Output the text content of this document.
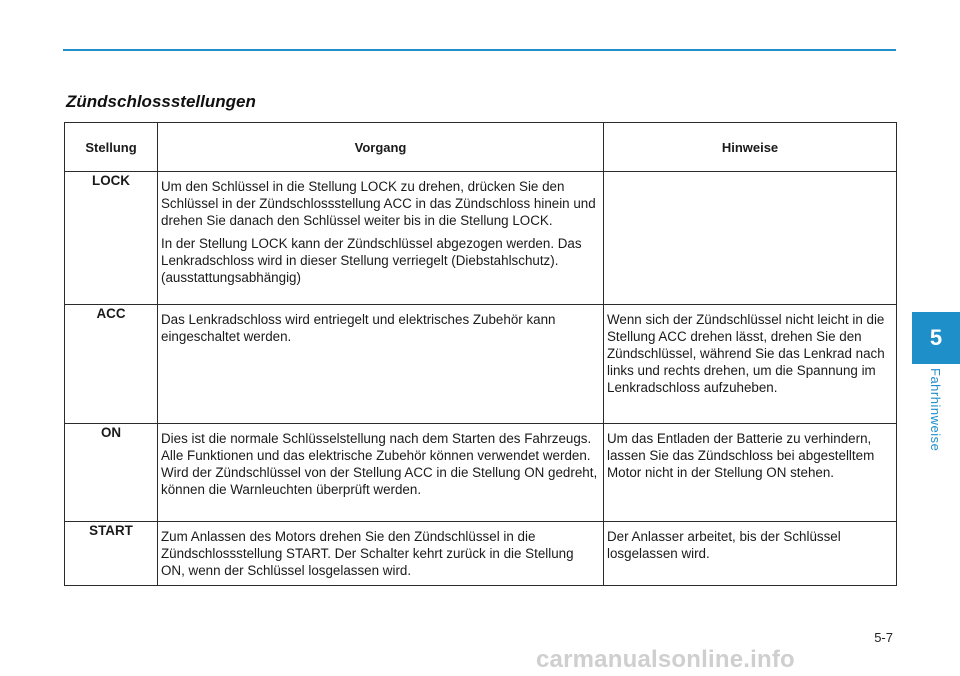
Zündschlossstellungen
Stellung	Vorgang	Hinweise
LOCK	Um den Schlüssel in die Stellung LOCK zu drehen, drücken Sie den Schlüssel in der Zündschlossstellung ACC in das Zündschloss hinein und drehen Sie danach den Schlüssel weiter bis in die Stellung LOCK.

In der Stellung LOCK kann der Zündschlüssel abgezogen werden. Das Lenkradschloss wird in dieser Stellung verriegelt (Diebstahlschutz). (ausstattungsabhängig)	

ACC	Das Lenkradschloss wird entriegelt und elektrisches Zubehör kann eingeschaltet werden.	Wenn sich der Zündschlüssel nicht leicht in die Stellung ACC drehen lässt, drehen Sie den Zündschlüssel, während Sie das Lenkrad nach links und rechts drehen, um die Spannung im Lenkradschloss aufzuheben.
ON	Dies ist die normale Schlüsselstellung nach dem Starten des Fahrzeugs. Alle Funktionen und das elektrische Zubehör können verwendet werden. Wird der Zündschlüssel von der Stellung ACC in die Stellung ON gedreht, können die Warnleuchten überprüft werden.	Um das Entladen der Batterie zu verhindern, lassen Sie das Zündschloss bei abgestelltem Motor nicht in der Stellung ON stehen.
START	Zum Anlassen des Motors drehen Sie den Zündschlüssel in die Zündschlossstellung START. Der Schalter kehrt zurück in die Stellung ON, wenn der Schlüssel losgelassen wird.	Der Anlasser arbeitet, bis der Schlüssel losgelassen wird.
5
Fahrhinweise
5-7
carmanualsonline.info
